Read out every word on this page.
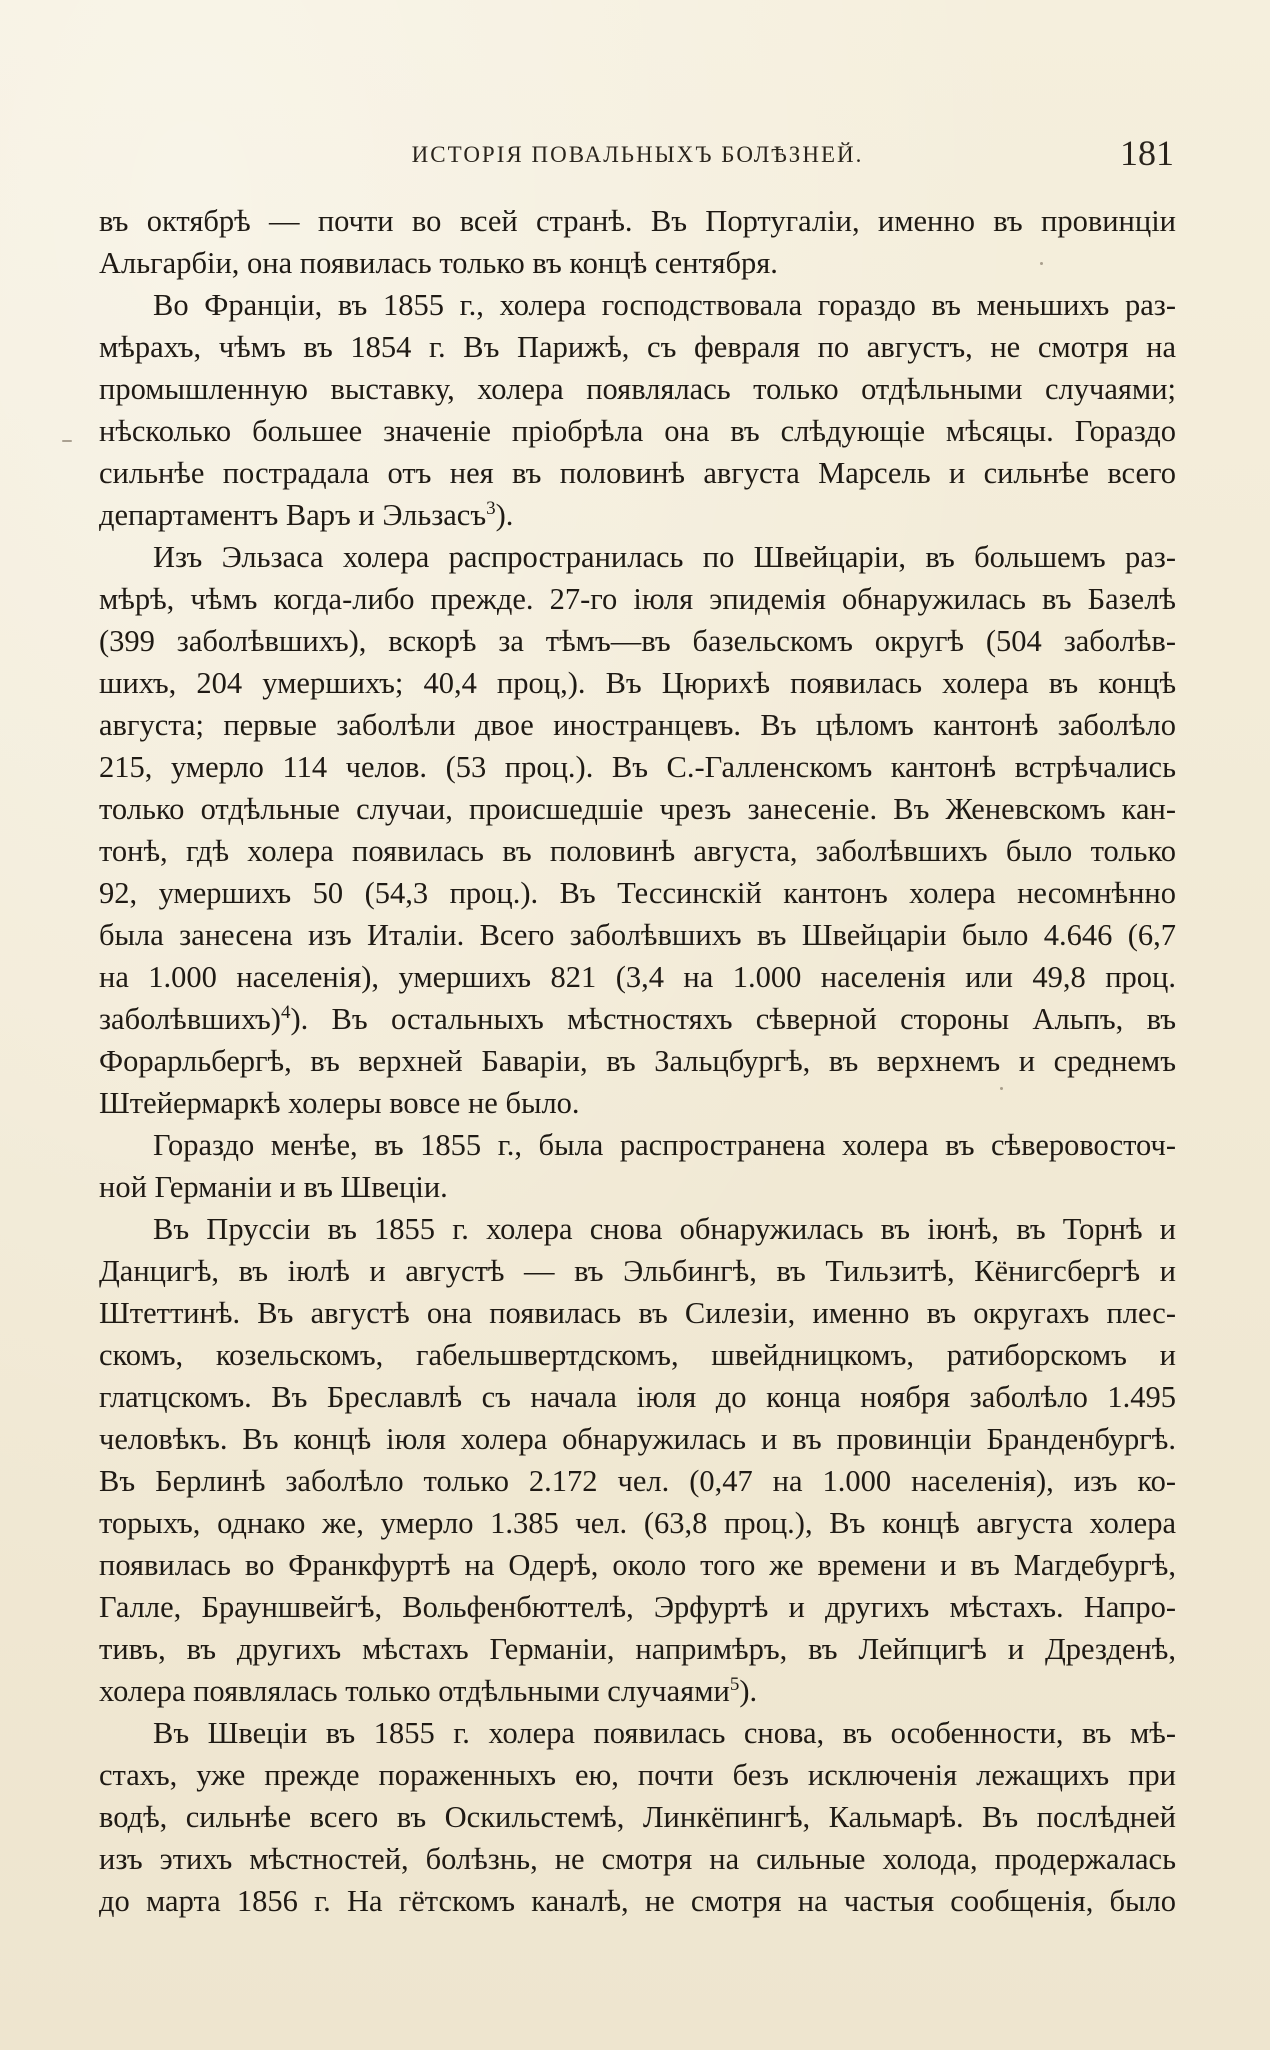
ИСТОРІЯ ПОВАЛЬНЫХЪ БОЛѢЗНЕЙ.	181
въ октябрѣ — почти во всей странѣ. Въ Португаліи, именно въ провинціи
Альгарбіи, она появилась только въ концѣ сентября.
Во Франціи, въ 1855 г., холера господствовала гораздо въ меньшихъ раз-
мѣрахъ, чѣмъ въ 1854 г. Въ Парижѣ, съ февраля по августъ, не смотря на
промышленную выставку, холера появлялась только отдѣльными случаями;
нѣсколько большее значеніе пріобрѣла она въ слѣдующіе мѣсяцы. Гораздо
сильнѣе пострадала отъ нея въ половинѣ августа Марсель и сильнѣе всего
департаментъ Варъ и Эльзасъ$^3$).
Изъ Эльзаса холера распространилась по Швейцаріи, въ большемъ раз-
мѣрѣ, чѣмъ когда-либо прежде. 27-го іюля эпидемія обнаружилась въ Базелѣ
(399 заболѣвшихъ), вскорѣ за тѣмъ—въ базельскомъ округѣ (504 заболѣв-
шихъ, 204 умершихъ; 40,4 проц,). Въ Цюрихѣ появилась холера въ концѣ
августа; первые заболѣли двое иностранцевъ. Въ цѣломъ кантонѣ заболѣло
215, умерло 114 челов. (53 проц.). Въ С.-Галленскомъ кантонѣ встрѣчались
только отдѣльные случаи, происшедшіе чрезъ занесеніе. Въ Женевскомъ кан-
тонѣ, гдѣ холера появилась въ половинѣ августа, заболѣвшихъ было только
92, умершихъ 50 (54,3 проц.). Въ Тессинскій кантонъ холера несомнѣнно
была занесена изъ Италіи. Всего заболѣвшихъ въ Швейцаріи было 4.646 (6,7
на 1.000 населенія), умершихъ 821 (3,4 на 1.000 населенія или 49,8 проц.
заболѣвшихъ)$^4$). Въ остальныхъ мѣстностяхъ сѣверной стороны Альпъ, въ
Форарльбергѣ, въ верхней Баваріи, въ Зальцбургѣ, въ верхнемъ и среднемъ
Штейермаркѣ холеры вовсе не было.
Гораздо менѣе, въ 1855 г., была распространена холера въ сѣверовосточ-
ной Германіи и въ Швеціи.
Въ Пруссіи въ 1855 г. холера снова обнаружилась въ іюнѣ, въ Торнѣ и
Данцигѣ, въ іюлѣ и августѣ — въ Эльбингѣ, въ Тильзитѣ, Кёнигсбергѣ и
Штеттинѣ. Въ августѣ она появилась въ Силезіи, именно въ округахъ плес-
скомъ, козельскомъ, габельшвертдскомъ, швейдницкомъ, ратиборскомъ и
глатцскомъ. Въ Бреславлѣ съ начала іюля до конца ноября заболѣло 1.495
человѣкъ. Въ концѣ іюля холера обнаружилась и въ провинціи Бранденбургѣ.
Въ Берлинѣ заболѣло только 2.172 чел. (0,47 на 1.000 населенія), изъ ко-
торыхъ, однако же, умерло 1.385 чел. (63,8 проц.), Въ концѣ августа холера
появилась во Франкфуртѣ на Одерѣ, около того же времени и въ Магдебургѣ,
Галле, Брауншвейгѣ, Вольфенбюттелѣ, Эрфуртѣ и другихъ мѣстахъ. Напро-
тивъ, въ другихъ мѣстахъ Германіи, напримѣръ, въ Лейпцигѣ и Дрезденѣ,
холера появлялась только отдѣльными случаями$^5$).
Въ Швеціи въ 1855 г. холера появилась снова, въ особенности, въ мѣ-
стахъ, уже прежде пораженныхъ ею, почти безъ исключенія лежащихъ при
водѣ, сильнѣе всего въ Оскильстемѣ, Линкёпингѣ, Кальмарѣ. Въ послѣдней
изъ этихъ мѣстностей, болѣзнь, не смотря на сильные холода, продержалась
до марта 1856 г. На гётскомъ каналѣ, не смотря на частыя сообщенія, было
